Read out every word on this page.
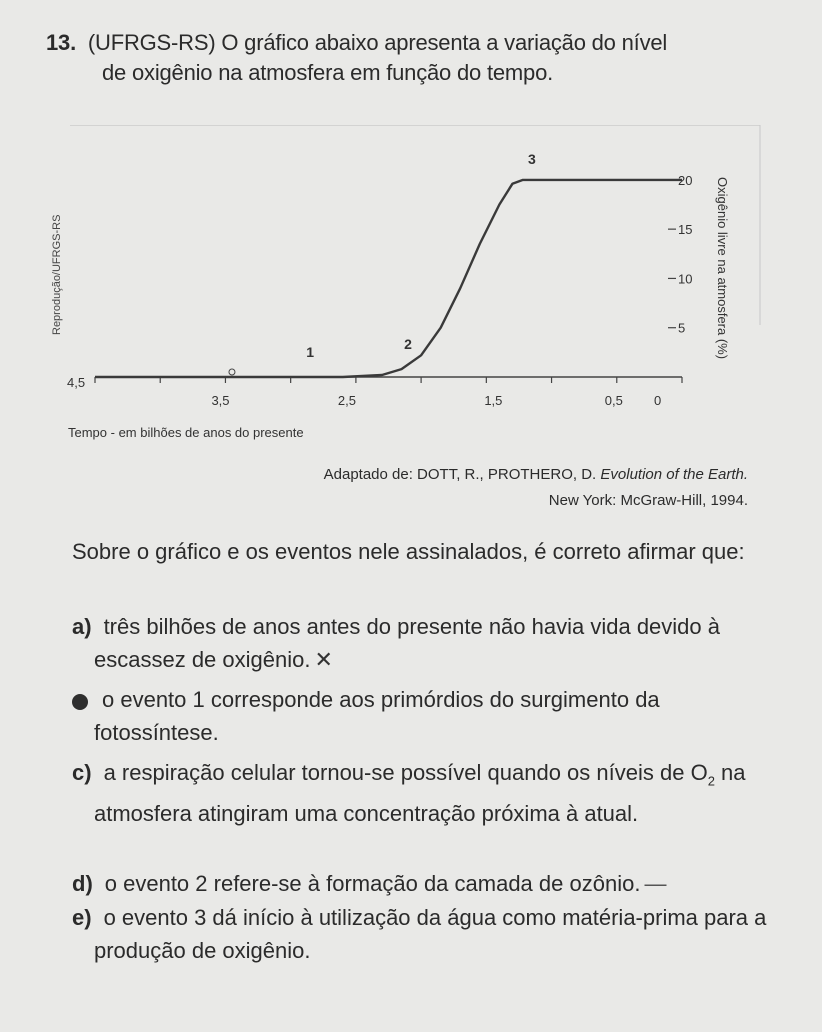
13. (UFRGS-RS) O gráfico abaixo apresenta a variação do nível
de oxigênio na atmosfera em função do tempo.
4,5
3,5	2,5	1,5	0,5 0
20
15
10
5
1	2
3
Tempo - em bilhões de anos do presente
Oxigênio livre na atmosfera (%)
Reprodução/UFRGS-RS
Adaptado de: DOTT, R., PROTHERO, D. Evolution of the Earth.
New York: McGraw-Hill, 1994.
Sobre o gráfico e os eventos nele assinalados, é correto afirmar que:
a) três bilhões de anos antes do presente não havia vida devido à escassez de oxigênio. ✕
b o evento 1 corresponde aos primórdios do surgimento da fotossíntese.
c) a respiração celular tornou-se possível quando os níveis de $O_2$ na atmosfera atingiram uma concentração próxima à atual.
d) o evento 2 refere-se à formação da camada de ozônio. —
e) o evento 3 dá início à utilização da água como matéria-prima para a produção de oxigênio.
